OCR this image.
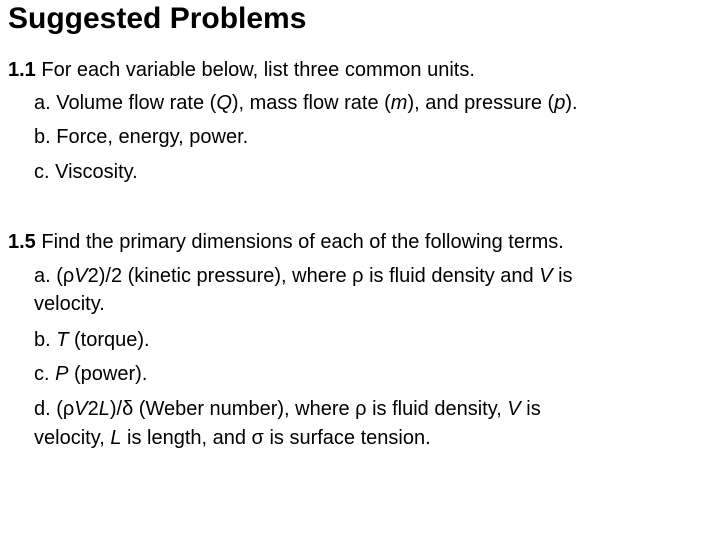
Suggested Problems
1.1 For each variable below, list three common units.
a. Volume flow rate (Q), mass flow rate (m), and pressure (p).
b. Force, energy, power.
c. Viscosity.
1.5 Find the primary dimensions of each of the following terms.
a. (ρV2)/2 (kinetic pressure), where ρ is fluid density and V is
velocity.
b. T (torque).
c. P (power).
d. (ρV2L)/δ (Weber number), where ρ is fluid density, V is
velocity, L is length, and σ is surface tension.
